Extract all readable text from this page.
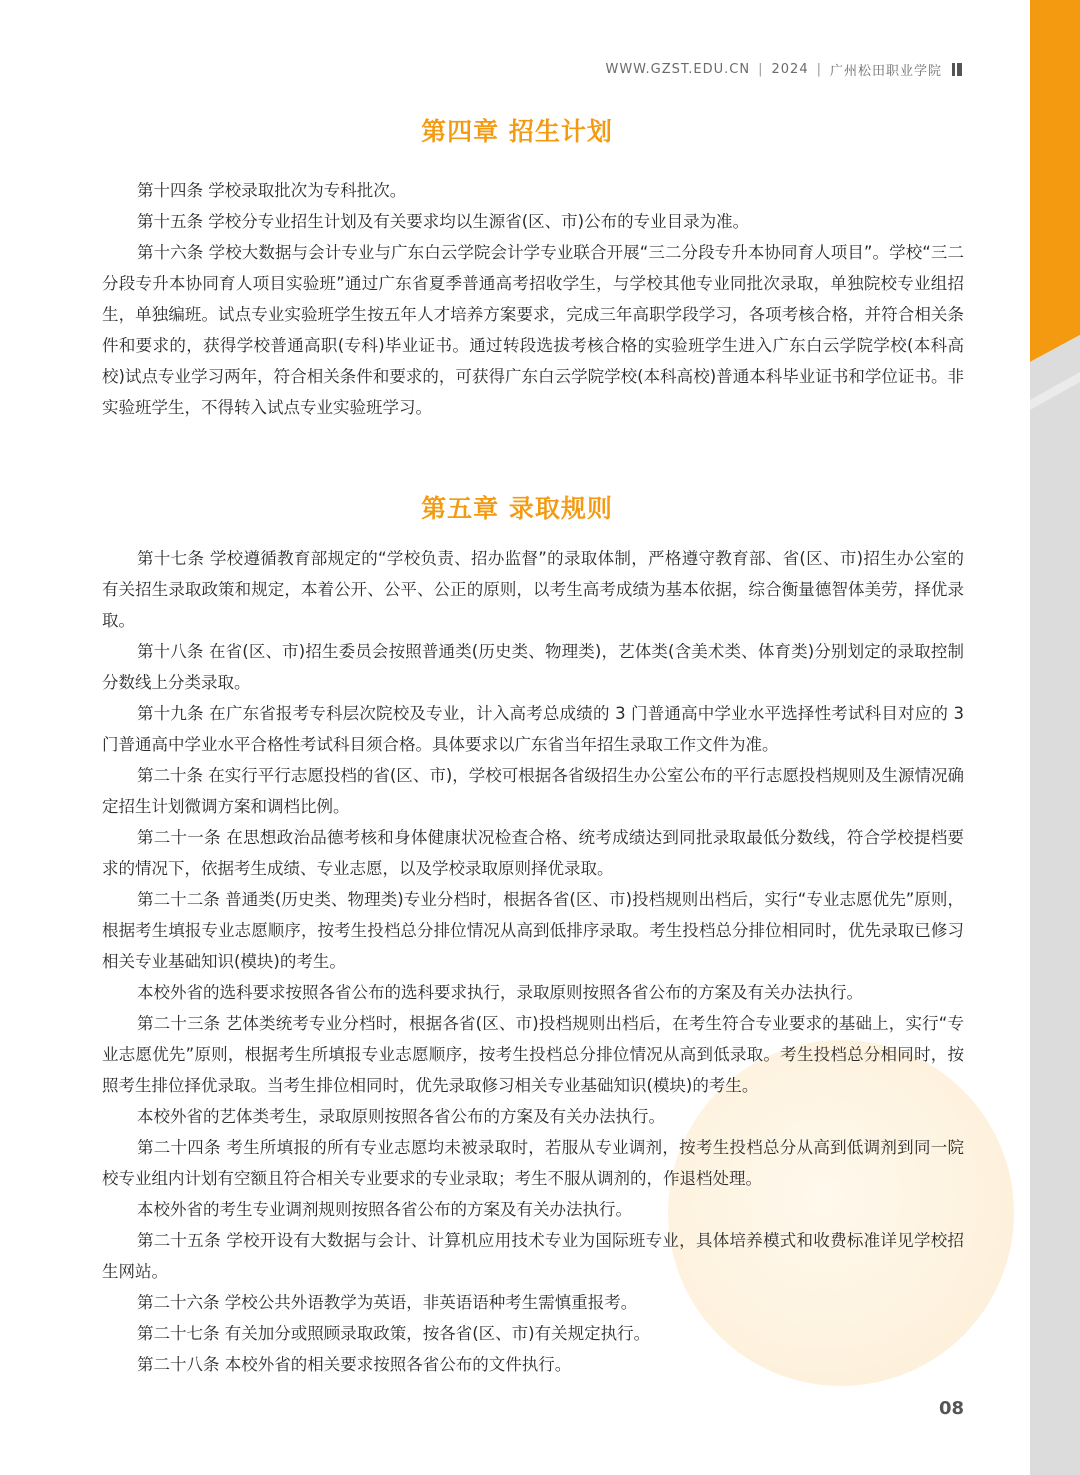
WWW.GZST.EDU.CN | 2024 | 广州松田职业学院
第四章 招生计划

第十四条 学校录取批次为专科批次。

第十五条 学校分专业招生计划及有关要求均以生源省(区、市)公布的专业目录为准。

第十六条 学校大数据与会计专业与广东白云学院会计学专业联合开展“三二分段专升本协同育人项目”。学校“三二分段专升本协同育人项目实验班”通过广东省夏季普通高考招收学生，与学校其他专业同批次录取，单独院校专业组招生，单独编班。试点专业实验班学生按五年人才培养方案要求，完成三年高职学段学习，各项考核合格，并符合相关条件和要求的，获得学校普通高职(专科)毕业证书。通过转段选拔考核合格的实验班学生进入广东白云学院学校(本科高校)试点专业学习两年，符合相关条件和要求的，可获得广东白云学院学校(本科高校)普通本科毕业证书和学位证书。非实验班学生，不得转入试点专业实验班学习。

第五章 录取规则

第十七条 学校遵循教育部规定的“学校负责、招办监督”的录取体制，严格遵守教育部、省(区、市)招生办公室的有关招生录取政策和规定，本着公开、公平、公正的原则，以考生高考成绩为基本依据，综合衡量德智体美劳，择优录取。

第十八条 在省(区、市)招生委员会按照普通类(历史类、物理类)，艺体类(含美术类、体育类)分别划定的录取控制分数线上分类录取。

第十九条 在广东省报考专科层次院校及专业，计入高考总成绩的 3 门普通高中学业水平选择性考试科目对应的 3 门普通高中学业水平合格性考试科目须合格。具体要求以广东省当年招生录取工作文件为准。

第二十条 在实行平行志愿投档的省(区、市)，学校可根据各省级招生办公室公布的平行志愿投档规则及生源情况确定招生计划微调方案和调档比例。

第二十一条 在思想政治品德考核和身体健康状况检查合格、统考成绩达到同批录取最低分数线，符合学校提档要求的情况下，依据考生成绩、专业志愿，以及学校录取原则择优录取。

第二十二条 普通类(历史类、物理类)专业分档时，根据各省(区、市)投档规则出档后，实行“专业志愿优先”原则，根据考生填报专业志愿顺序，按考生投档总分排位情况从高到低排序录取。考生投档总分排位相同时，优先录取已修习相关专业基础知识(模块)的考生。

本校外省的选科要求按照各省公布的选科要求执行，录取原则按照各省公布的方案及有关办法执行。

第二十三条 艺体类统考专业分档时，根据各省(区、市)投档规则出档后，在考生符合专业要求的基础上，实行“专业志愿优先”原则，根据考生所填报专业志愿顺序，按考生投档总分排位情况从高到低录取。考生投档总分相同时，按照考生排位择优录取。当考生排位相同时，优先录取修习相关专业基础知识(模块)的考生。

本校外省的艺体类考生，录取原则按照各省公布的方案及有关办法执行。

第二十四条 考生所填报的所有专业志愿均未被录取时，若服从专业调剂，按考生投档总分从高到低调剂到同一院校专业组内计划有空额且符合相关专业要求的专业录取；考生不服从调剂的，作退档处理。

本校外省的考生专业调剂规则按照各省公布的方案及有关办法执行。

第二十五条 学校开设有大数据与会计、计算机应用技术专业为国际班专业，具体培养模式和收费标准详见学校招生网站。

第二十六条 学校公共外语教学为英语，非英语语种考生需慎重报考。

第二十七条 有关加分或照顾录取政策，按各省(区、市)有关规定执行。

第二十八条 本校外省的相关要求按照各省公布的文件执行。

08
